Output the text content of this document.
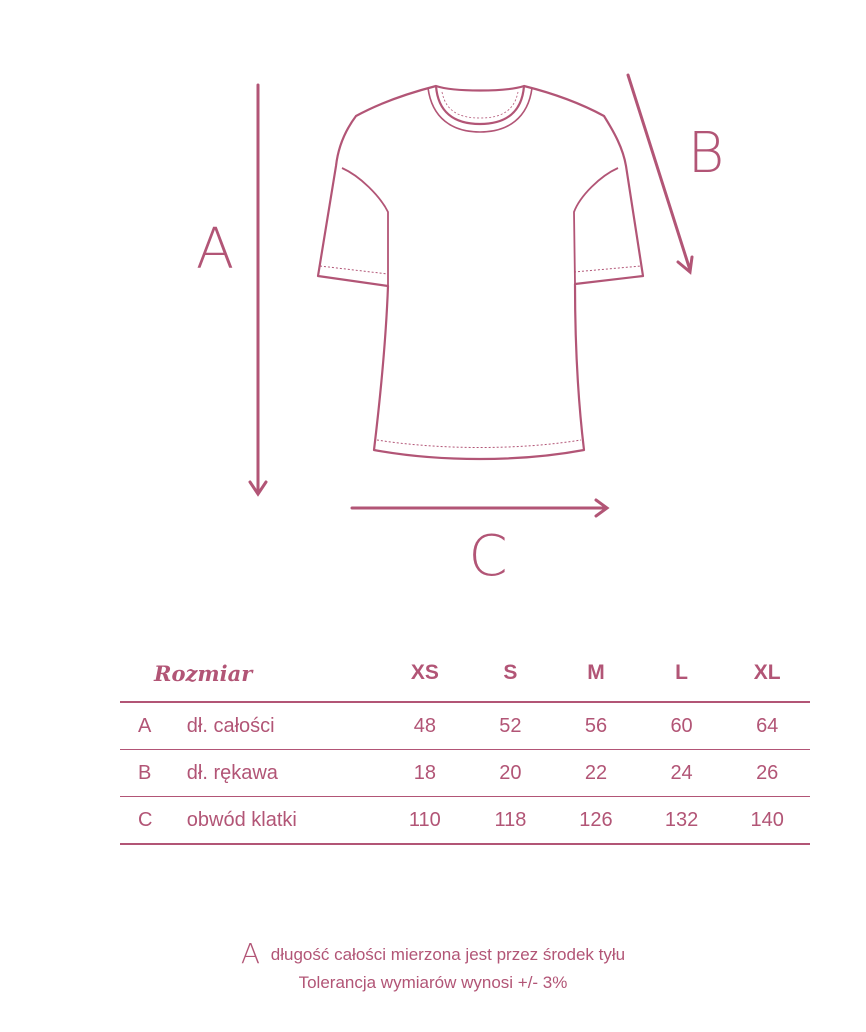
A
B
C
Rozmiar		XS	S	M	L	XL
A	dł. całości	48	52	56	60	64
B	dł. rękawa	18	20	22	24	26
C	obwód klatki	110	118	126	132	140
A długość całości mierzona jest przez środek tyłu
Tolerancja wymiarów wynosi +/- 3%
